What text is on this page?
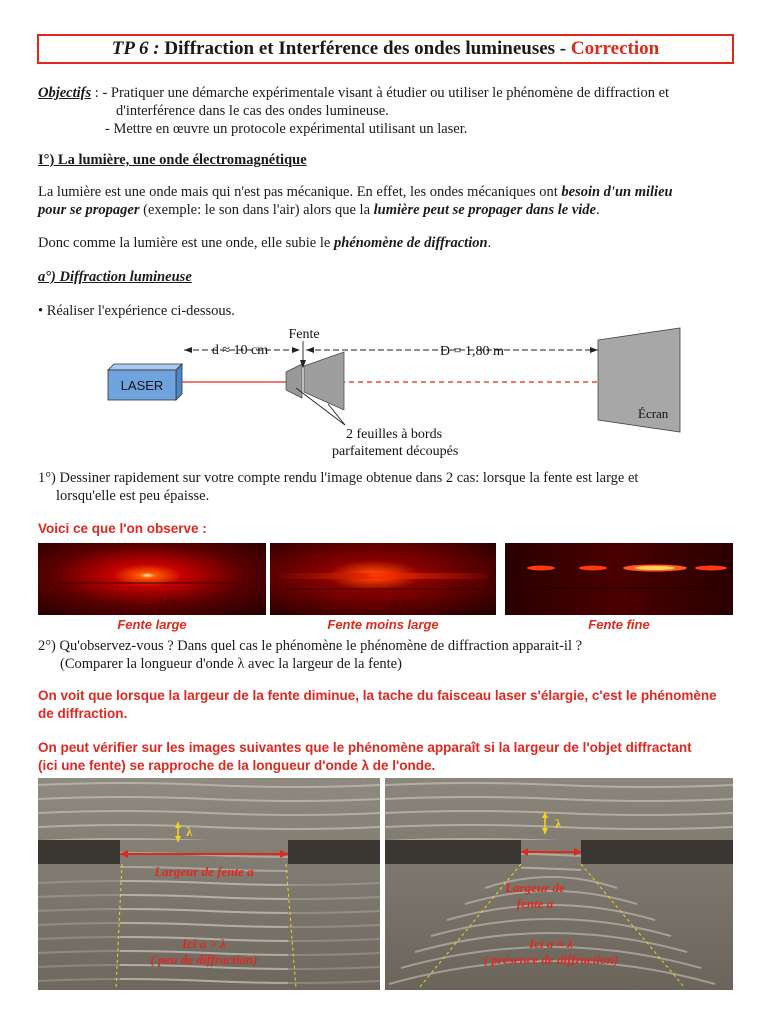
TP 6 : Diffraction et Interférence des ondes lumineuses - Correction
Objectifs : - Pratiquer une démarche expérimentale visant à étudier ou utiliser le phénomène de diffraction et
d'interférence dans le cas des ondes lumineuse.
- Mettre en œuvre un protocole expérimental utilisant un laser.
I°) La lumière, une onde électromagnétique
La lumière est une onde mais qui n'est pas mécanique. En effet, les ondes mécaniques ont besoin d'un milieu
pour se propager (exemple: le son dans l'air) alors que la lumière peut se propager dans le vide.
Donc comme la lumière est une onde, elle subie le phénomène de diffraction.
a°) Diffraction lumineuse
• Réaliser l'expérience ci-dessous.
LASER
Écran
d ≈ 10 cm	D = 1,80 m
Fente
2 feuilles à bords
parfaitement découpés
1°) Dessiner rapidement sur votre compte rendu l'image obtenue dans 2 cas: lorsque la fente est large et
lorsqu'elle est peu épaisse.
Voici ce que l'on observe :
1 cm	10 cm	10 cm
Fente large	Fente moins large	Fente fine
2°) Qu'observez-vous ? Dans quel cas le phénomène le phénomène de diffraction apparait-il ?
(Comparer la longueur d'onde λ avec la largeur de la fente)
On voit que lorsque la largeur de la fente diminue, la tache du faisceau laser s'élargie, c'est le phénomène
de diffraction.
On peut vérifier sur les images suivantes que le phénomène apparaît si la largeur de l'objet diffractant
(ici une fente) se rapproche de la longueur d'onde λ de l'onde.
λ
Largeur de fente a
Ici a > λ
( peu de diffraction)
λ
Largeur de
fente a
Ici a ≈ λ
( présence de diffraction)
